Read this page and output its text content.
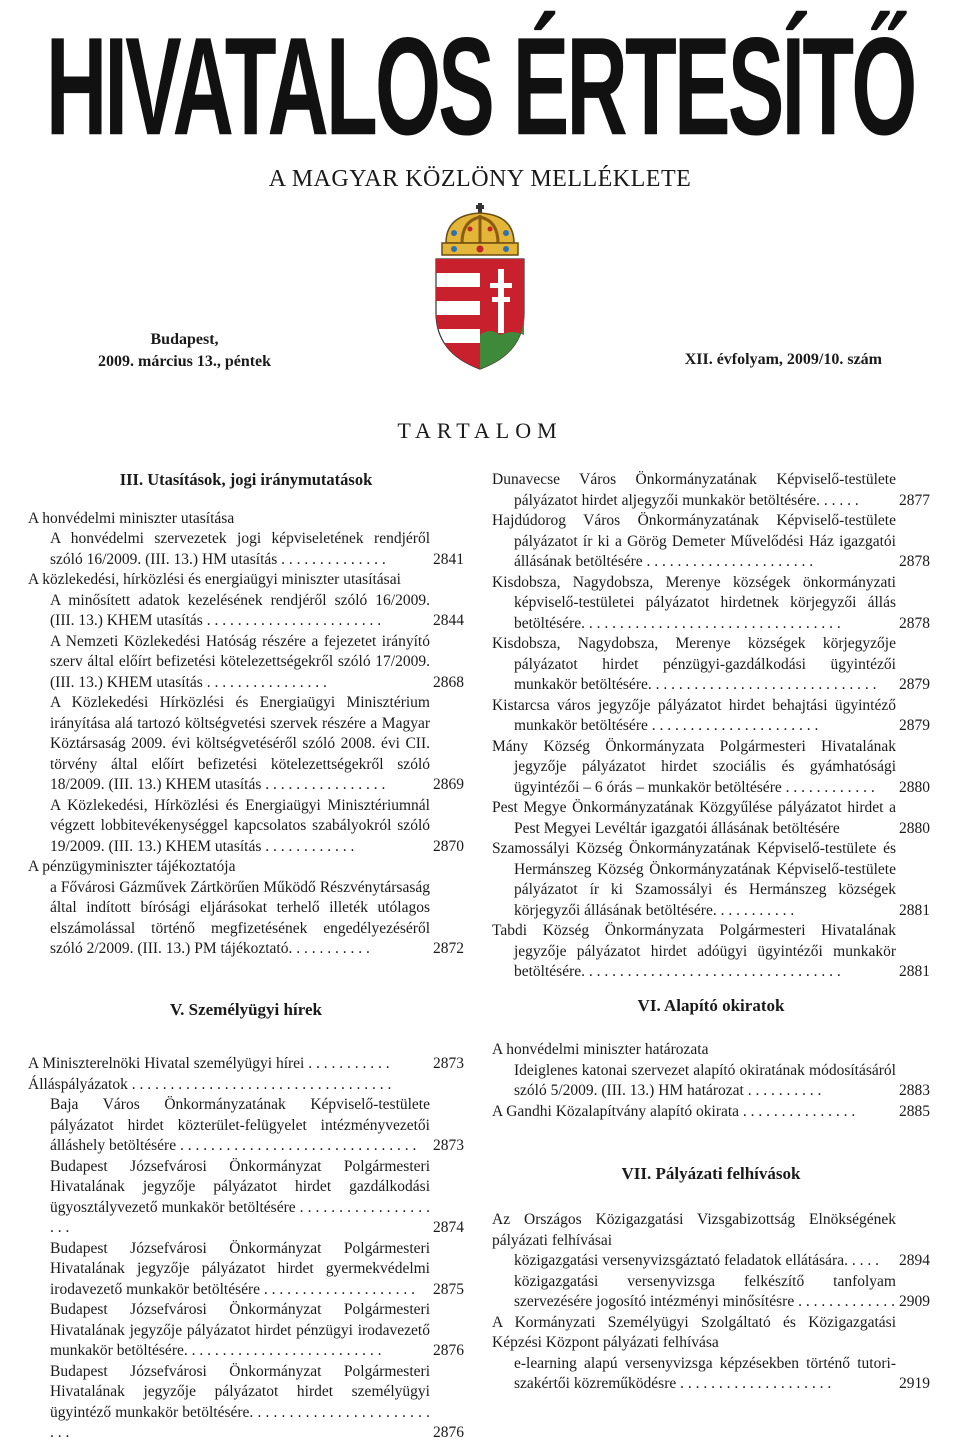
HIVATALOS ÉRTESÍTŐ
A MAGYAR KÖZLÖNY MELLÉKLETE
Budapest,
2009. március 13., péntek	XII. évfolyam, 2009/10. szám
TARTALOM
III. Utasítások, jogi iránymutatások
A honvédelmi miniszter utasítása
A honvédelmi szervezetek jogi képviseletének rendjéről szóló 16/2009. (III. 13.) HM utasítás . . . . . . . . . . . . . .	2841
A közlekedési, hírközlési és energiaügyi miniszter utasításai
A minősített adatok kezelésének rendjéről szóló 16/2009. (III. 13.) KHEM utasítás . . . . . . . . . . . . . . . . . . . . . . .	2844
A Nemzeti Közlekedési Hatóság részére a fejezetet irányító szerv által előírt befizetési kötelezettségekről szóló 17/2009. (III. 13.) KHEM utasítás . . . . . . . . . . . . . . . .	2868
A Közlekedési Hírközlési és Energiaügyi Minisztérium irányítása alá tartozó költségvetési szervek részére a Magyar Köztársaság 2009. évi költségvetéséről szóló 2008. évi CII. törvény által előírt befizetési kötelezettségekről szóló 18/2009. (III. 13.) KHEM utasítás . . . . . . . . . . . . . . . .	2869
A Közlekedési, Hírközlési és Energiaügyi Minisztériumnál végzett lobbitevékenységgel kapcsolatos szabályokról szóló 19/2009. (III. 13.) KHEM utasítás . . . . . . . . . . . .	2870
A pénzügyminiszter tájékoztatója
a Fővárosi Gázművek Zártkörűen Működő Részvénytársaság által indított bírósági eljárásokat terhelő illeték utólagos elszámolással történő megfizetésének engedélyezéséről szóló 2/2009. (III. 13.) PM tájékoztató. . . . . . . . . . .	2872
Dunavecse Város Önkormányzatának Képviselő-testülete pályázatot hirdet aljegyzői munkakör betöltésére. . . . . .	2877
Hajdúdorog Város Önkormányzatának Képviselő-testülete pályázatot ír ki a Görög Demeter Művelődési Ház igazgatói állásának betöltésére . . . . . . . . . . . . . . . . . . . . . .	2878
Kisdobsza, Nagydobsza, Merenye községek önkormányzati képviselő-testületei pályázatot hirdetnek körjegyzői állás betöltésére. . . . . . . . . . . . . . . . . . . . . . . . . . . . . . . . . .	2878
Kisdobsza, Nagydobsza, Merenye községek körjegyzője pályázatot hirdet pénzügyi-gazdálkodási ügyintézői munkakör betöltésére. . . . . . . . . . . . . . . . . . . . . . . . . . . . . .	2879
Kistarcsa város jegyzője pályázatot hirdet behajtási ügyintéző munkakör betöltésére . . . . . . . . . . . . . . . . . . . . . .	2879
Mány Község Önkormányzata Polgármesteri Hivatalának jegyzője pályázatot hirdet szociális és gyámhatósági ügyintézői – 6 órás – munkakör betöltésére . . . . . . . . . . . .	2880
Pest Megye Önkormányzatának Közgyűlése pályázatot hirdet a Pest Megyei Levéltár igazgatói állásának betöltésére	2880
Szamossályi Község Önkormányzatának Képviselő-testülete és Hermánszeg Község Önkormányzatának Képviselő-testülete pályázatot ír ki Szamossályi és Hermánszeg községek körjegyzői állásának betöltésére. . . . . . . . . . .	2881
Tabdi Község Önkormányzata Polgármesteri Hivatalának jegyzője pályázatot hirdet adóügyi ügyintézői munkakör betöltésére. . . . . . . . . . . . . . . . . . . . . . . . . . . . . . . . . .	2881
V. Személyügyi hírek
A Miniszterelnöki Hivatal személyügyi hírei . . . . . . . . . . .	2873
Álláspályázatok . . . . . . . . . . . . . . . . . . . . . . . . . . . . . . . . . .
Baja Város Önkormányzatának Képviselő-testülete pályázatot hirdet közterület-felügyelet intézményvezetői álláshely betöltésére . . . . . . . . . . . . . . . . . . . . . . . . . . . . . . .	2873
Budapest Józsefvárosi Önkormányzat Polgármesteri Hivatalának jegyzője pályázatot hirdet gazdálkodási ügyosztályvezető munkakör betöltésére . . . . . . . . . . . . . . . . . . . .	2874
Budapest Józsefvárosi Önkormányzat Polgármesteri Hivatalának jegyzője pályázatot hirdet gyermekvédelmi irodavezető munkakör betöltésére . . . . . . . . . . . . . . . . . . . .	2875
Budapest Józsefvárosi Önkormányzat Polgármesteri Hivatalának jegyzője pályázatot hirdet pénzügyi irodavezető munkakör betöltésére. . . . . . . . . . . . . . . . . . . . . . . . . .	2876
Budapest Józsefvárosi Önkormányzat Polgármesteri Hivatalának jegyzője pályázatot hirdet személyügyi ügyintéző munkakör betöltésére. . . . . . . . . . . . . . . . . . . . . . . . . .	2876
VI. Alapító okiratok
A honvédelmi miniszter határozata
Ideiglenes katonai szervezet alapító okiratának módosításáról szóló 5/2009. (III. 13.) HM határozat . . . . . . . . . .	2883
A Gandhi Közalapítvány alapító okirata . . . . . . . . . . . . . . .	2885
VII. Pályázati felhívások
Az Országos Közigazgatási Vizsgabizottság Elnökségének pályázati felhívásai
közigazgatási versenyvizsgáztató feladatok ellátására. . . . .	2894
közigazgatási versenyvizsga felkészítő tanfolyam szervezésére jogosító intézményi minősítésre . . . . . . . . . . . . . 2909
A Kormányzati Személyügyi Szolgáltató és Közigazgatási Képzési Központ pályázati felhívása
e-learning alapú versenyvizsga képzésekben történő tutori-szakértői közreműködésre . . . . . . . . . . . . . . . . . . . .	2919
